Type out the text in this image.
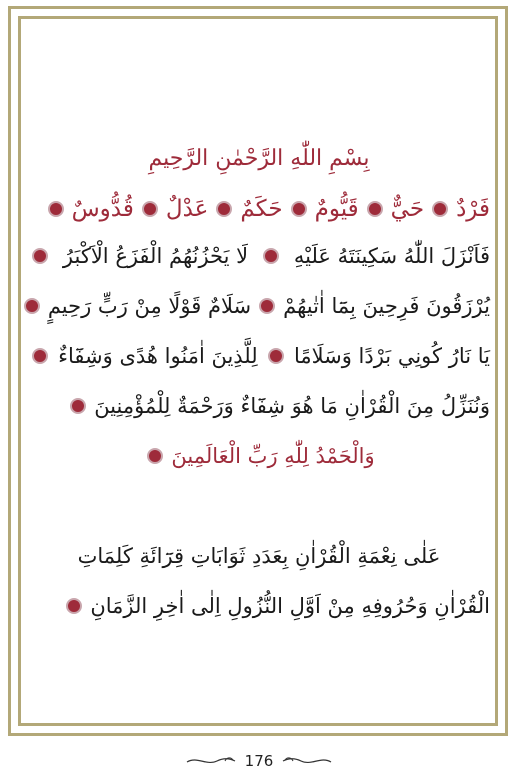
بِسْمِ اللّٰهِ الرَّحْمٰنِ الرَّحِيمِ
فَرْدٌ
حَيٌّ
قَيُّومٌ
حَكَمٌ
عَدْلٌ
قُدُّوسٌ
فَاَنْزَلَ اللّٰهُ سَكِينَتَهُ عَلَيْهِ
لَا يَحْزُنُهُمُ الْفَزَعُ الْاَكْبَرُ
يُرْزَقُونَ فَرِحِينَ بِمَٓا اٰتٰيهُمْ
سَلَامٌ قَوْلًا مِنْ رَبٍّ رَحِيمٍ
يَا نَارُ كُونِي بَرْدًا وَسَلَامًا
لِلَّذِينَ اٰمَنُوا هُدًى وَشِفَٓاءٌ
وَنُنَزِّلُ مِنَ الْقُرْاٰنِ مَا هُوَ شِفَٓاءٌ وَرَحْمَةٌ لِلْمُؤْمِنِينَ
وَالْحَمْدُ لِلّٰهِ رَبِّ الْعَالَمِينَ
عَلٰى نِعْمَةِ الْقُرْاٰنِ بِعَدَدِ ثَوَابَاتِ قِرَٓائَةِ كَلِمَاتِ
الْقُرْاٰنِ وَحُرُوفِهِ مِنْ اَوَّلِ النُّزُولِ اِلٰى اٰخِرِ الزَّمَانِ
176
